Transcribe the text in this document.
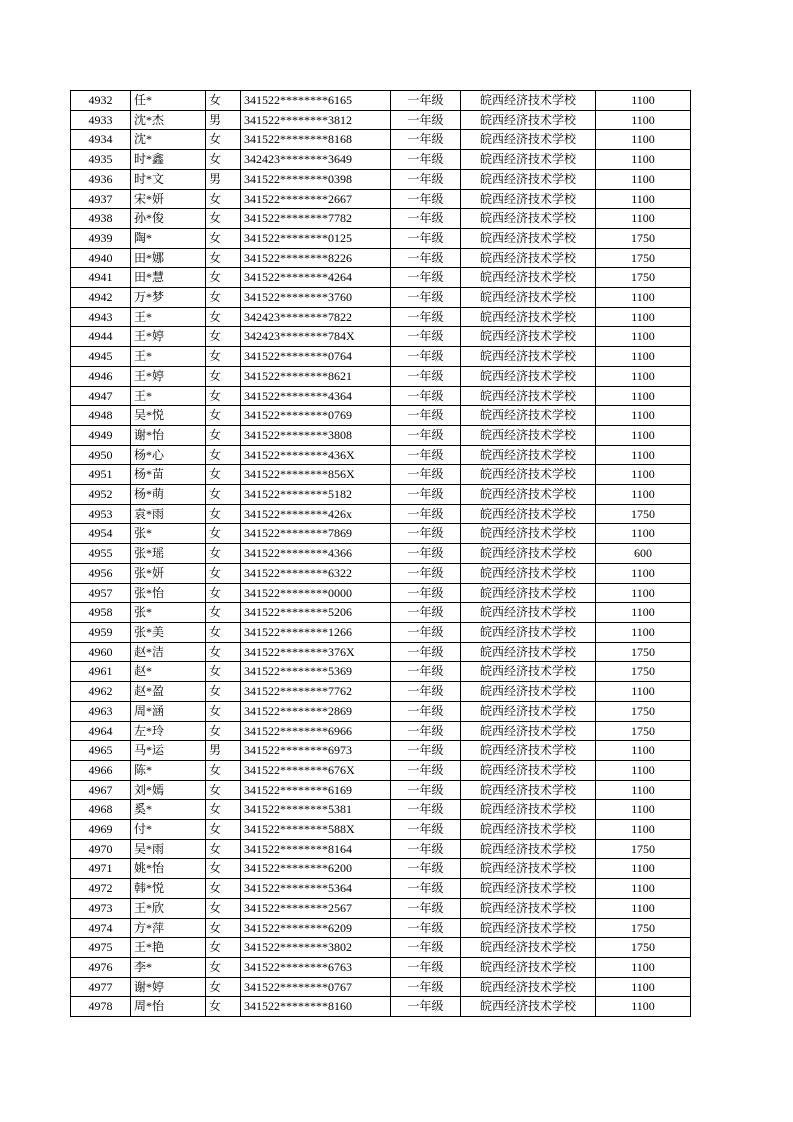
4932	任*	女	341522********6165	一年级	皖西经济技术学校	1100
4933	沈*杰	男	341522********3812	一年级	皖西经济技术学校	1100
4934	沈*	女	341522********8168	一年级	皖西经济技术学校	1100
4935	时*鑫	女	342423********3649	一年级	皖西经济技术学校	1100
4936	时*文	男	341522********0398	一年级	皖西经济技术学校	1100
4937	宋*妍	女	341522********2667	一年级	皖西经济技术学校	1100
4938	孙*俊	女	341522********7782	一年级	皖西经济技术学校	1100
4939	陶*	女	341522********0125	一年级	皖西经济技术学校	1750
4940	田*娜	女	341522********8226	一年级	皖西经济技术学校	1750
4941	田*慧	女	341522********4264	一年级	皖西经济技术学校	1750
4942	万*梦	女	341522********3760	一年级	皖西经济技术学校	1100
4943	王*	女	342423********7822	一年级	皖西经济技术学校	1100
4944	王*婷	女	342423********784X	一年级	皖西经济技术学校	1100
4945	王*	女	341522********0764	一年级	皖西经济技术学校	1100
4946	王*婷	女	341522********8621	一年级	皖西经济技术学校	1100
4947	王*	女	341522********4364	一年级	皖西经济技术学校	1100
4948	吴*悦	女	341522********0769	一年级	皖西经济技术学校	1100
4949	谢*怡	女	341522********3808	一年级	皖西经济技术学校	1100
4950	杨*心	女	341522********436X	一年级	皖西经济技术学校	1100
4951	杨*苗	女	341522********856X	一年级	皖西经济技术学校	1100
4952	杨*萌	女	341522********5182	一年级	皖西经济技术学校	1100
4953	袁*雨	女	341522********426x	一年级	皖西经济技术学校	1750
4954	张*	女	341522********7869	一年级	皖西经济技术学校	1100
4955	张*瑶	女	341522********4366	一年级	皖西经济技术学校	600
4956	张*妍	女	341522********6322	一年级	皖西经济技术学校	1100
4957	张*怡	女	341522********0000	一年级	皖西经济技术学校	1100
4958	张*	女	341522********5206	一年级	皖西经济技术学校	1100
4959	张*美	女	341522********1266	一年级	皖西经济技术学校	1100
4960	赵*洁	女	341522********376X	一年级	皖西经济技术学校	1750
4961	赵*	女	341522********5369	一年级	皖西经济技术学校	1750
4962	赵*盈	女	341522********7762	一年级	皖西经济技术学校	1100
4963	周*涵	女	341522********2869	一年级	皖西经济技术学校	1750
4964	左*玲	女	341522********6966	一年级	皖西经济技术学校	1750
4965	马*运	男	341522********6973	一年级	皖西经济技术学校	1100
4966	陈*	女	341522********676X	一年级	皖西经济技术学校	1100
4967	刘*嫣	女	341522********6169	一年级	皖西经济技术学校	1100
4968	奚*	女	341522********5381	一年级	皖西经济技术学校	1100
4969	付*	女	341522********588X	一年级	皖西经济技术学校	1100
4970	吴*雨	女	341522********8164	一年级	皖西经济技术学校	1750
4971	姚*怡	女	341522********6200	一年级	皖西经济技术学校	1100
4972	韩*悦	女	341522********5364	一年级	皖西经济技术学校	1100
4973	王*欣	女	341522********2567	一年级	皖西经济技术学校	1100
4974	方*萍	女	341522********6209	一年级	皖西经济技术学校	1750
4975	王*艳	女	341522********3802	一年级	皖西经济技术学校	1750
4976	李*	女	341522********6763	一年级	皖西经济技术学校	1100
4977	谢*婷	女	341522********0767	一年级	皖西经济技术学校	1100
4978	周*怡	女	341522********8160	一年级	皖西经济技术学校	1100
